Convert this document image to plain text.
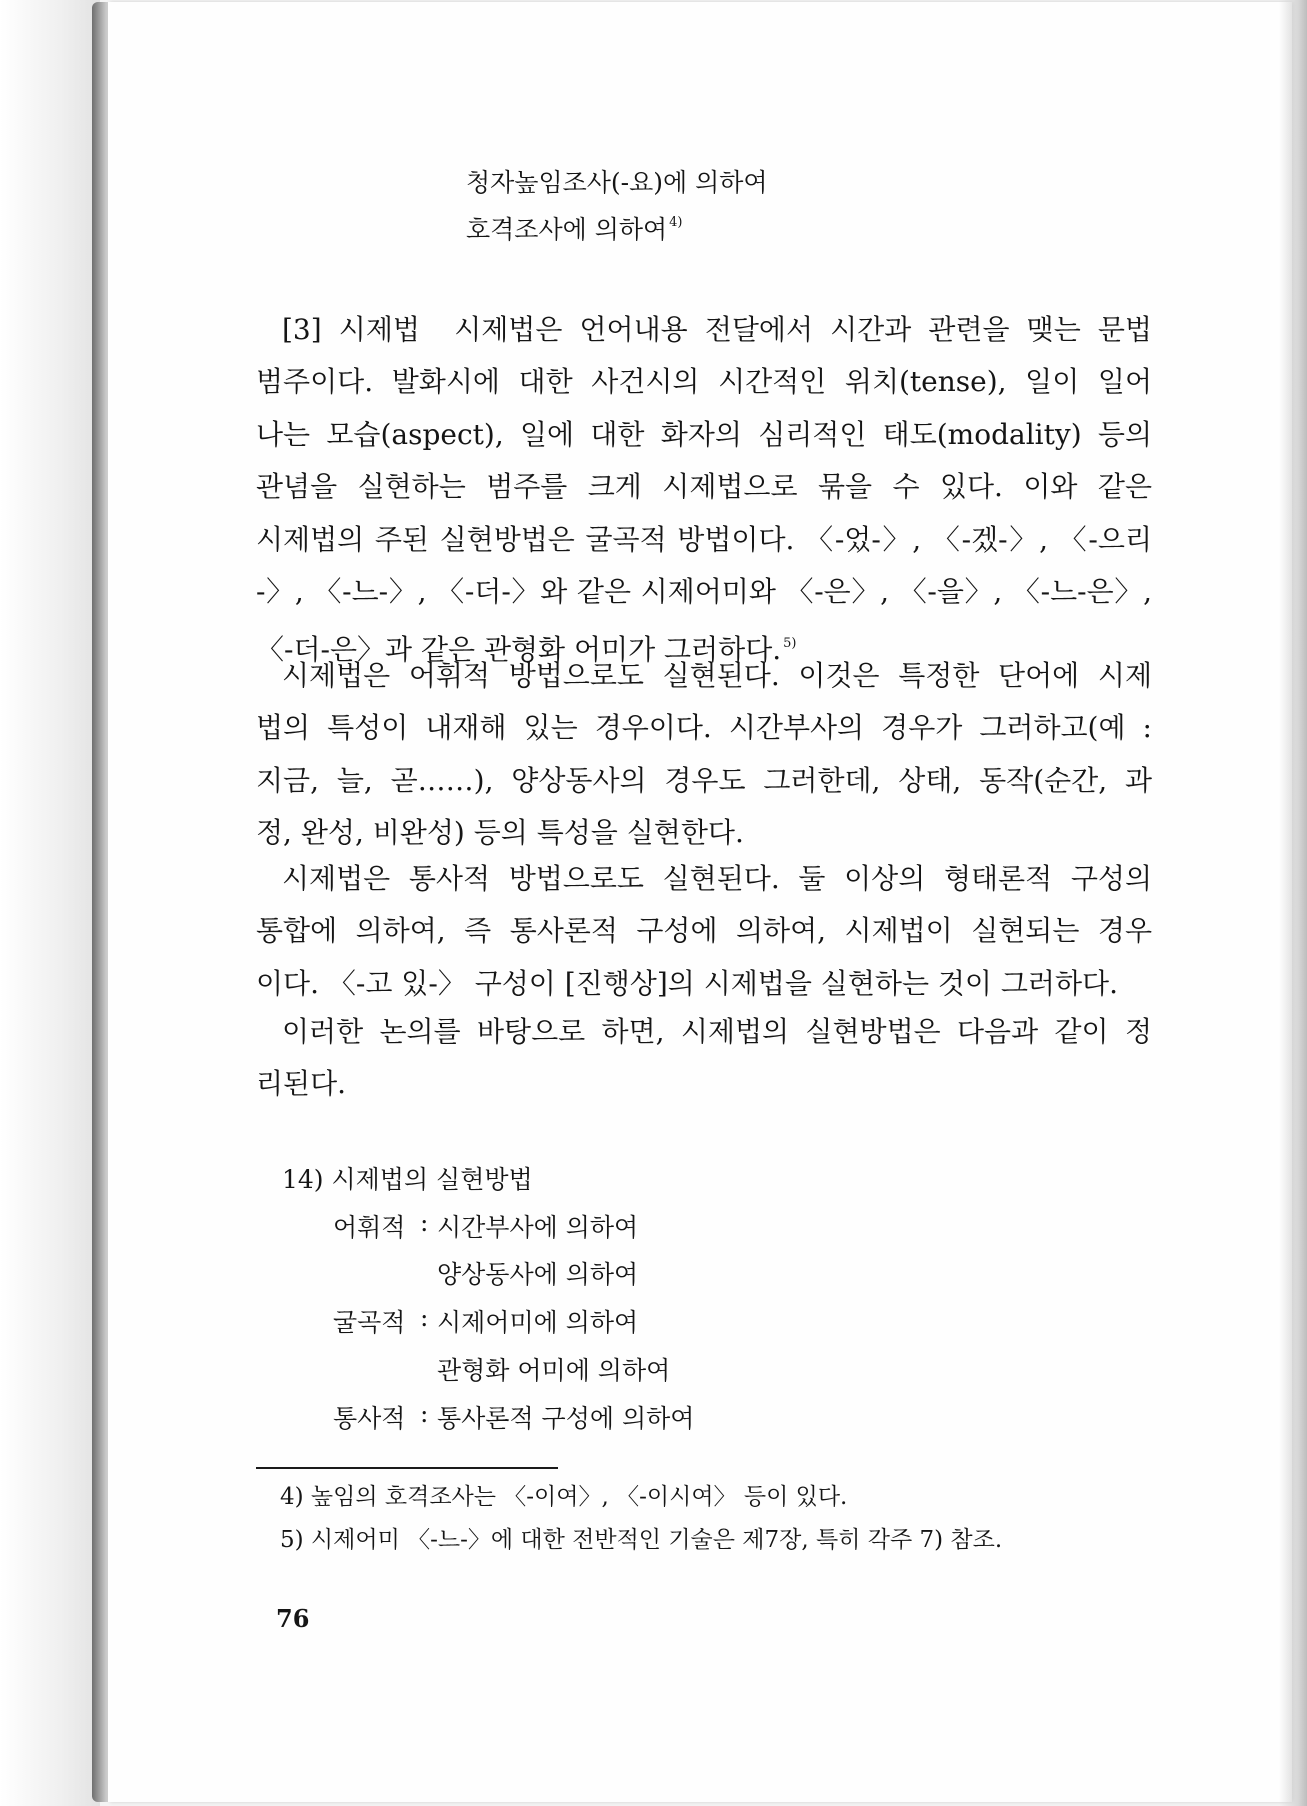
청자높임조사(-요)에 의하여
호격조사에 의하여 $^{4)}$
[3] 시제법 시제법은 언어내용 전달에서 시간과 관련을 맺는 문법
범주이다. 발화시에 대한 사건시의 시간적인 위치(tense), 일이 일어
나는 모습(aspect), 일에 대한 화자의 심리적인 태도(modality) 등의
관념을 실현하는 범주를 크게 시제법으로 묶을 수 있다. 이와 같은
시제법의 주된 실현방법은 굴곡적 방법이다. 〈-었-〉, 〈-겠-〉, 〈-으리
-〉, 〈-느-〉, 〈-더-〉와 같은 시제어미와 〈-은〉, 〈-을〉, 〈-느-은〉,
〈-더-은〉과 같은 관형화 어미가 그러하다. $^{5)}$
시제법은 어휘적 방법으로도 실현된다. 이것은 특정한 단어에 시제
법의 특성이 내재해 있는 경우이다. 시간부사의 경우가 그러하고(예 :
지금, 늘, 곧……), 양상동사의 경우도 그러한데, 상태, 동작(순간, 과
정, 완성, 비완성) 등의 특성을 실현한다.
시제법은 통사적 방법으로도 실현된다. 둘 이상의 형태론적 구성의
통합에 의하여, 즉 통사론적 구성에 의하여, 시제법이 실현되는 경우
이다. 〈-고 있-〉 구성이 [진행상]의 시제법을 실현하는 것이 그러하다.
이러한 논의를 바탕으로 하면, 시제법의 실현방법은 다음과 같이 정
리된다.
14) 시제법의 실현방법
어휘적 : 시간부사에 의하여
양상동사에 의하여
굴곡적 : 시제어미에 의하여
관형화 어미에 의하여
통사적 : 통사론적 구성에 의하여
4) 높임의 호격조사는 〈-이여〉, 〈-이시여〉 등이 있다.
5) 시제어미 〈-느-〉에 대한 전반적인 기술은 제7장, 특히 각주 7) 참조.
76
